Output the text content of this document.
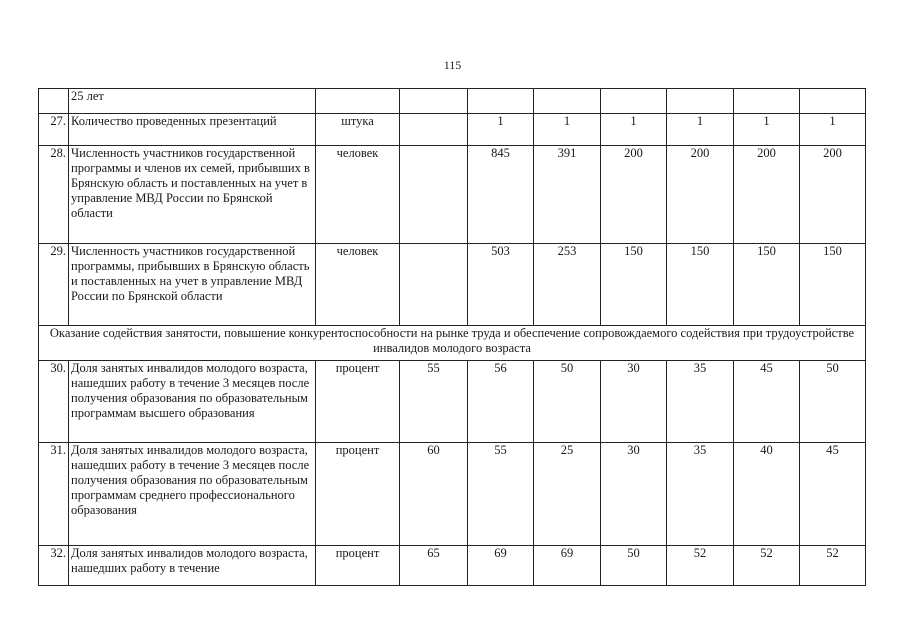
115
	25 лет								
27.	Количество проведенных презентаций	штука		1	1	1	1	1	1
28.	Численность участников государственной программы и членов их семей, прибывших в Брянскую область и поставленных на учет в управление МВД России по Брянской области	человек		845	391	200	200	200	200
29.	Численность участников государственной программы, прибывших в Брянскую область и поставленных на учет в управление МВД России по Брянской области	человек		503	253	150	150	150	150
Оказание содействия занятости, повышение конкурентоспособности на рынке труда и обеспечение сопровождаемого содействия при трудоустройстве инвалидов молодого возраста									
30.	Доля занятых инвалидов молодого возраста, нашедших работу в течение 3 месяцев после получения образования по образовательным программам высшего образования	процент	55	56	50	30	35	45	50
31.	Доля занятых инвалидов молодого возраста, нашедших работу в течение 3 месяцев после получения образования по образовательным программам среднего профессионального образования	процент	60	55	25	30	35	40	45
32.	Доля занятых инвалидов молодого возраста, нашедших работу в течение	процент	65	69	69	50	52	52	52
